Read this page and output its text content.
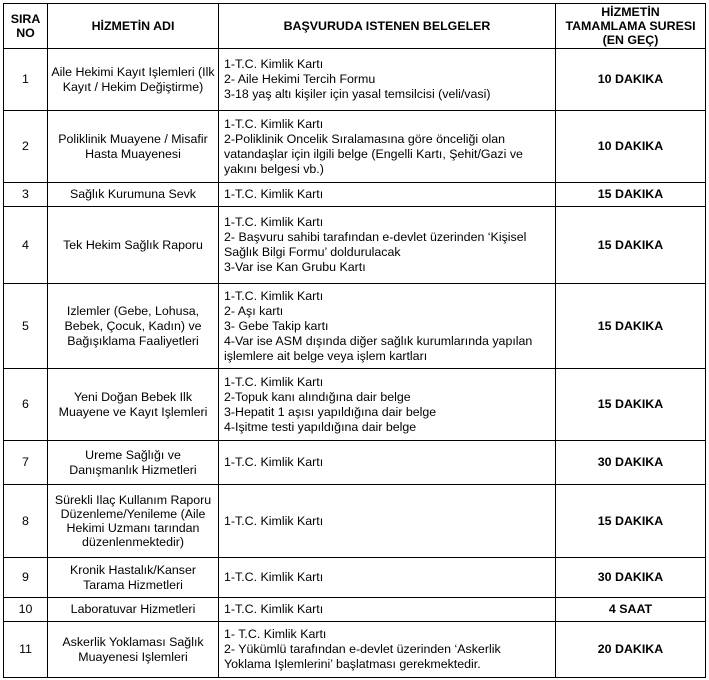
SIRA NO	HİZMETİN ADI	BAŞVURUDA ISTENEN BELGELER	HİZMETİN TAMAMLAMA SURESI (EN GEÇ)
1	Aile Hekimi Kayıt Işlemleri (Ilk Kayıt / Hekim Değiştirme)	1-T.C. Kimlik Kartı
2- Aile Hekimi Tercih Formu
3-18 yaş altı kişiler için yasal temsilcisi (veli/vasi)	10 DAKIKA
2	Poliklinik Muayene / Misafir Hasta Muayenesi	1-T.C. Kimlik Kartı
2-Poliklinik Oncelik Sıralamasına göre önceliği olan
vatandaşlar için ilgili belge (Engelli Kartı, Şehit/Gazi ve
yakını belgesi vb.)	10 DAKIKA
3	Sağlık Kurumuna Sevk	1-T.C. Kimlik Kartı	15 DAKIKA
4	Tek Hekim Sağlık Raporu	1-T.C. Kimlik Kartı
2- Başvuru sahibi tarafından e-devlet üzerinden ‘Kişisel
Sağlık Bilgi Formu’ doldurulacak
3-Var ise Kan Grubu Kartı	15 DAKIKA
5	Izlemler (Gebe, Lohusa, Bebek, Çocuk, Kadın) ve Bağışıklama Faaliyetleri	1-T.C. Kimlik Kartı
2- Aşı kartı
3- Gebe Takip kartı
4-Var ise ASM dışında diğer sağlık kurumlarında yapılan
işlemlere ait belge veya işlem kartları	15 DAKIKA
6	Yeni Doğan Bebek Ilk Muayene ve Kayıt Işlemleri	1-T.C. Kimlik Kartı
2-Topuk kanı alındığına dair belge
3-Hepatit 1 aşısı yapıldığına dair belge
4-Işitme testi yapıldığına dair belge	15 DAKIKA
7	Ureme Sağlığı ve Danışmanlık Hizmetleri	1-T.C. Kimlik Kartı	30 DAKIKA
8	Sürekli Ilaç Kullanım Raporu Düzenleme/Yenileme (Aile Hekimi Uzmanı tarından düzenlenmektedir)	1-T.C. Kimlik Kartı	15 DAKIKA
9	Kronik Hastalık/Kanser Tarama Hizmetleri	1-T.C. Kimlik Kartı	30 DAKIKA
10	Laboratuvar Hizmetleri	1-T.C. Kimlik Kartı	4 SAAT
11	Askerlik Yoklaması Sağlık Muayenesi Işlemleri	1- T.C. Kimlik Kartı
2- Yükümlü tarafından e-devlet üzerinden ‘Askerlik
Yoklama Işlemlerini’ başlatması gerekmektedir.	20 DAKIKA
